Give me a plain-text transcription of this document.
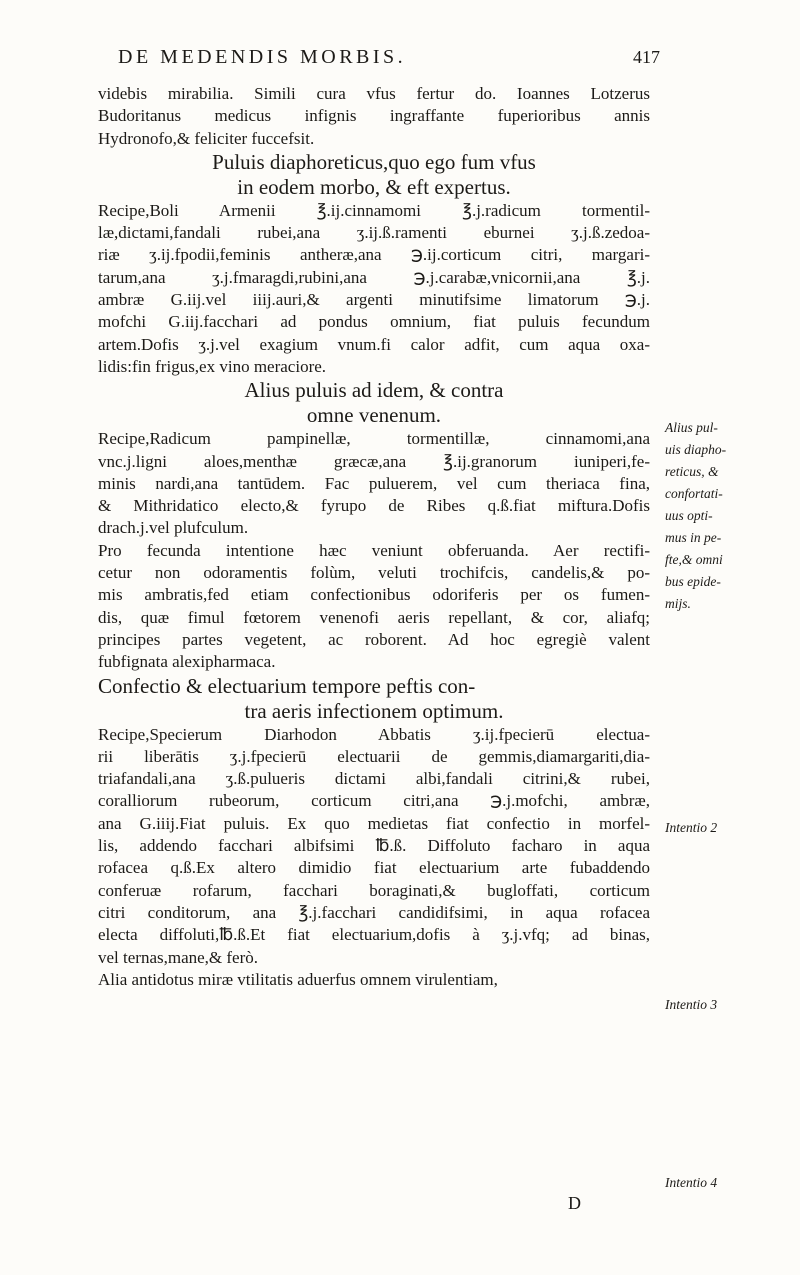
DE MEDENDIS MORBIS.	417
videbis mirabilia. Simili cura vfus fertur do. Ioannes Lotzerus
Budoritanus medicus infignis ingraffante fuperioribus annis
Hydronofo,& feliciter fuccefsit.
Puluis diaphoreticus,quo ego fum vfus
in eodem morbo, & eft expertus.
Recipe,Boli Armenii ℥.ij.cinnamomi ℥.j.radicum tormentil-
læ,dictami,fandali rubei,ana ʒ.ij.ß.ramenti eburnei ʒ.j.ß.zedoa-
riæ ʒ.ij.fpodii,feminis antheræ,ana ℈.ij.corticum citri, margari-
tarum,ana ʒ.j.fmaragdi,rubini,ana ℈.j.carabæ,vnicornii,ana ℥.j.
ambræ G.iij.vel iiij.auri,& argenti minutifsime limatorum ℈.j.
mofchi G.iij.facchari ad pondus omnium, fiat puluis fecundum
artem.Dofis ʒ.j.vel exagium vnum.fi calor adfit, cum aqua oxa-
lidis:fin frigus,ex vino meraciore.
Alius puluis ad idem, & contra
omne venenum.
Recipe,Radicum pampinellæ, tormentillæ, cinnamomi,ana
vnc.j.ligni aloes,menthæ græcæ,ana ℥.ij.granorum iuniperi,fe-
minis nardi,ana tantūdem. Fac puluerem, vel cum theriaca fina,
& Mithridatico electo,& fyrupo de Ribes q.ß.fiat miftura.Dofis
drach.j.vel plufculum.
Pro fecunda intentione hæc veniunt obferuanda. Aer rectifi-
cetur non odoramentis folùm, veluti trochifcis, candelis,& po-
mis ambratis,fed etiam confectionibus odoriferis per os fumen-
dis, quæ fimul fœtorem venenofi aeris repellant, & cor, aliafq;
principes partes vegetent, ac roborent. Ad hoc egregiè valent
fubfignata alexipharmaca.
Confectio & electuarium tempore peftis con-
tra aeris infectionem optimum.
Recipe,Specierum Diarhodon Abbatis ʒ.ij.fpecierū electua-
rii liberātis ʒ.j.fpecierū electuarii de gemmis,diamargariti,dia-
triafandali,ana ʒ.ß.pulueris dictami albi,fandali citrini,& rubei,
coralliorum rubeorum, corticum citri,ana ℈.j.mofchi, ambræ,
ana G.iiij.Fiat puluis. Ex quo medietas fiat confectio in morfel-
lis, addendo facchari albifsimi ℔.ß. Diffoluto facharo in aqua
rofacea q.ß.Ex altero dimidio fiat electuarium arte fubaddendo
conferuæ rofarum, facchari boraginati,& bugloffati, corticum
citri conditorum, ana ℥.j.facchari candidifsimi, in aqua rofacea
electa diffoluti,℔.ß.Et fiat electuarium,dofis à ʒ.j.vfq; ad binas,
vel ternas,mane,& ferò.
Alia antidotus miræ vtilitatis aduerfus omnem virulentiam,
Alius pul-
uis diapho-
reticus, &
confortati-
uus opti-
mus in pe-
fte,& omni
bus epide-
mijs.
Intentio 2
Intentio 3
Intentio 4
D
